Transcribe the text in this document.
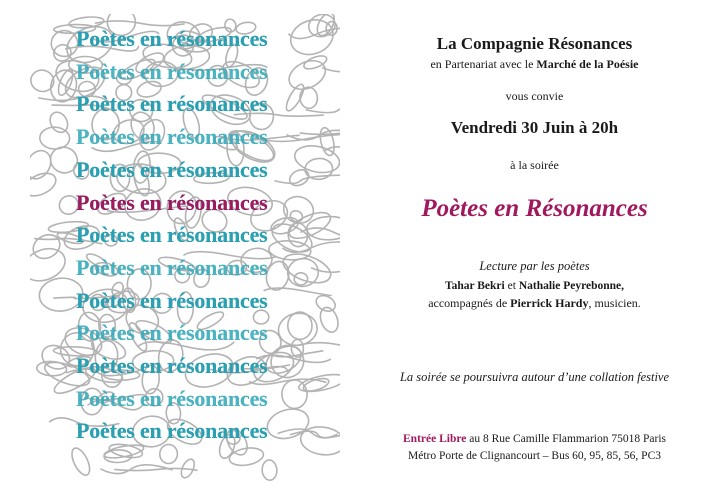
Poètes en résonances
Poètes en résonances
Poètes en résonances
Poètes en résonances
Poètes en résonances
Poètes en résonances
Poètes en résonances
Poètes en résonances
Poètes en résonances
Poètes en résonances
Poètes en résonances
Poètes en résonances
Poètes en résonances
La Compagnie Résonances
en Partenariat avec le Marché de la Poésie
vous convie
Vendredi 30 Juin à 20h
à la soirée
Poètes en Résonances
Lecture par les poètes
Tahar Bekri et Nathalie Peyrebonne,
accompagnés de Pierrick Hardy, musicien.
La soirée se poursuivra autour d’une collation festive
Entrée Libre au 8 Rue Camille Flammarion 75018 Paris
Métro Porte de Clignancourt – Bus 60, 95, 85, 56, PC3
